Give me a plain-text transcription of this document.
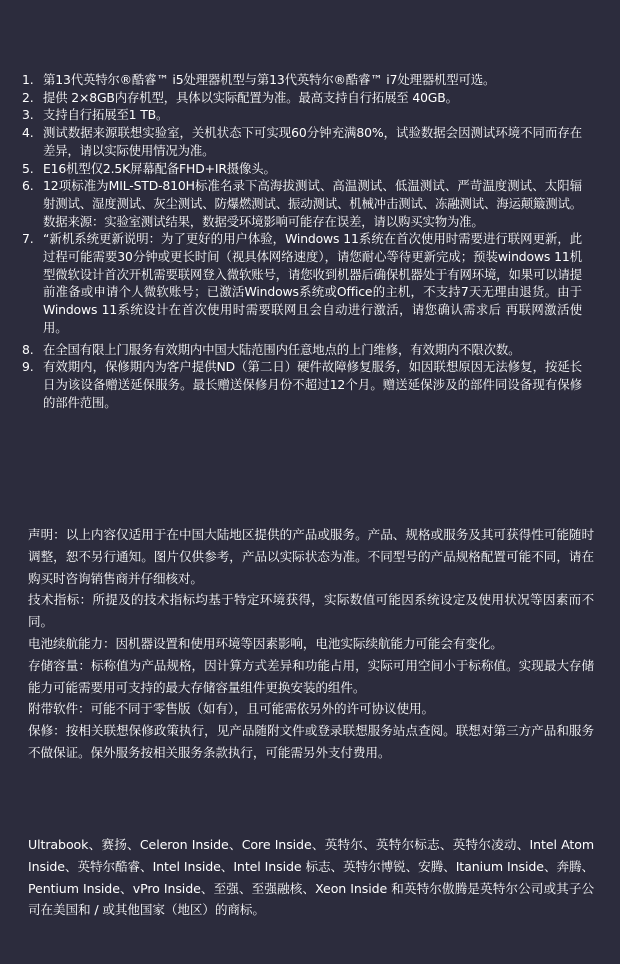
1. 第13代英特尔®酷睿™ i5处理器机型与第13代英特尔®酷睿™ i7处理器机型可选。
2. 提供 2×8GB内存机型，具体以实际配置为准。最高支持自行拓展至 40GB。
3. 支持自行拓展至1 TB。
4. 测试数据来源联想实验室，关机状态下可实现60分钟充满80%，试验数据会因测试环境不同而存在差异，请以实际使用情况为准。
5. E16机型仅2.5K屏幕配备FHD+IR摄像头。
6. 12项标准为MIL-STD-810H标准名录下高海拔测试、高温测试、低温测试、严苛温度测试、太阳辐射测试、湿度测试、灰尘测试、防爆燃测试、振动测试、机械冲击测试、冻融测试、海运颠簸测试。数据来源：实验室测试结果，数据受环境影响可能存在误差，请以购买实物为准。
7. “新机系统更新说明：为了更好的用户体验，Windows 11系统在首次使用时需要进行联网更新，此过程可能需要30分钟或更长时间（视具体网络速度），请您耐心等待更新完成；预装windows 11机型微软设计首次开机需要联网登入微软账号，请您收到机器后确保机器处于有网环境，如果可以请提前准备或申请个人微软账号；已激活Windows系统或Office的主机，不支持7天无理由退货。由于Windows 11系统设计在首次使用时需要联网且会自动进行激活，请您确认需求后 再联网激活使用。
8. 在全国有限上门服务有效期内中国大陆范围内任意地点的上门维修，有效期内不限次数。
9. 有效期内，保修期内为客户提供ND（第二日）硬件故障修复服务，如因联想原因无法修复，按延长日为该设备赠送延保服务。最长赠送保修月份不超过12个月。赠送延保涉及的部件同设备现有保修的部件范围。

声明：以上内容仅适用于在中国大陆地区提供的产品或服务。产品、规格或服务及其可获得性可能随时调整，恕不另行通知。图片仅供参考，产品以实际状态为准。不同型号的产品规格配置可能不同，请在购买时咨询销售商并仔细核对。

技术指标：所提及的技术指标均基于特定环境获得，实际数值可能因系统设定及使用状况等因素而不同。

电池续航能力：因机器设置和使用环境等因素影响，电池实际续航能力可能会有变化。

存储容量：标称值为产品规格，因计算方式差异和功能占用，实际可用空间小于标称值。实现最大存储能力可能需要用可支持的最大存储容量组件更换安装的组件。

附带软件：可能不同于零售版（如有），且可能需依另外的许可协议使用。

保修：按相关联想保修政策执行，见产品随附文件或登录联想服务站点查阅。联想对第三方产品和服务不做保证。保外服务按相关服务条款执行，可能需另外支付费用。

Ultrabook、赛扬、Celeron Inside、Core Inside、英特尔、英特尔标志、英特尔凌动、Intel Atom Inside、英特尔酷睿、Intel Inside、Intel Inside 标志、英特尔博锐、安腾、Itanium Inside、奔腾、Pentium Inside、vPro Inside、至强、至强融核、Xeon Inside 和英特尔傲腾是英特尔公司或其子公司在美国和 / 或其他国家（地区）的商标。
